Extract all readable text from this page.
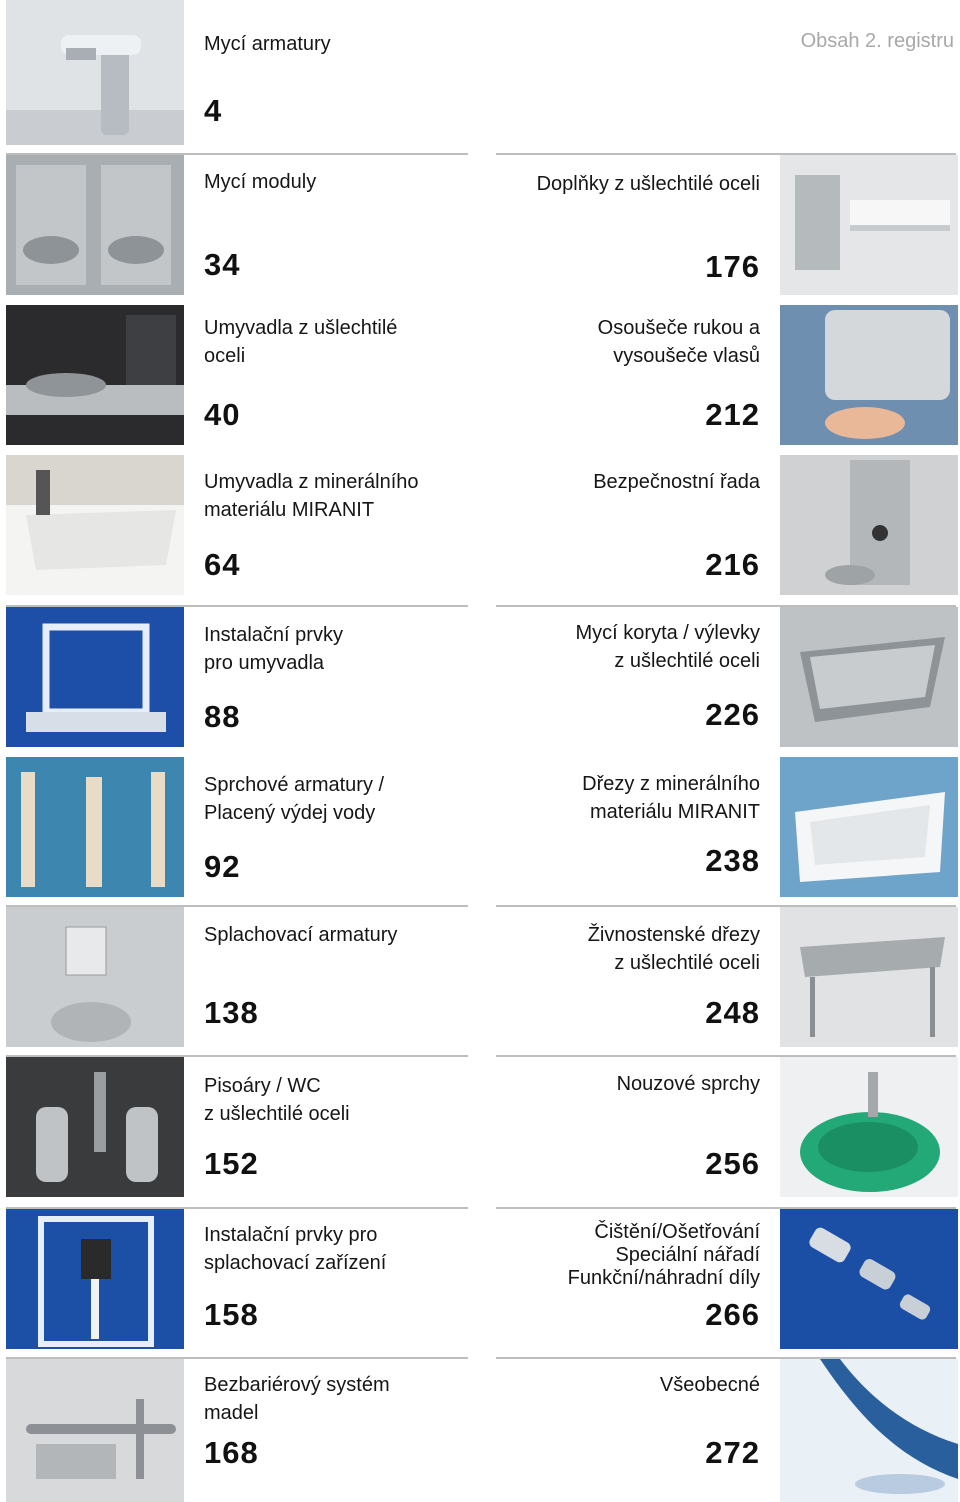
Obsah 2. registru
Mycí armatury
4
Mycí moduly
34
Umyvadla z ušlechtilé
oceli
40
Umyvadla z minerálního
materiálu MIRANIT
64
Instalační prvky
pro umyvadla
88
Sprchové armatury /
Placený výdej vody
92
Splachovací armatury
138
Pisoáry / WC
z ušlechtilé oceli
152
Instalační prvky pro
splachovací zařízení
158
Bezbariérový systém
madel
168
Doplňky z ušlechtilé oceli
176
Osoušeče rukou a
vysoušeče vlasů
212
Bezpečnostní řada
216
Mycí koryta / výlevky
z ušlechtilé oceli
226
Dřezy z minerálního
materiálu MIRANIT
238
Živnostenské dřezy
z ušlechtilé oceli
248
Nouzové sprchy
256
Čištění/Ošetřování
Speciální nářadí
Funkční/náhradní díly
266
Všeobecné
272
